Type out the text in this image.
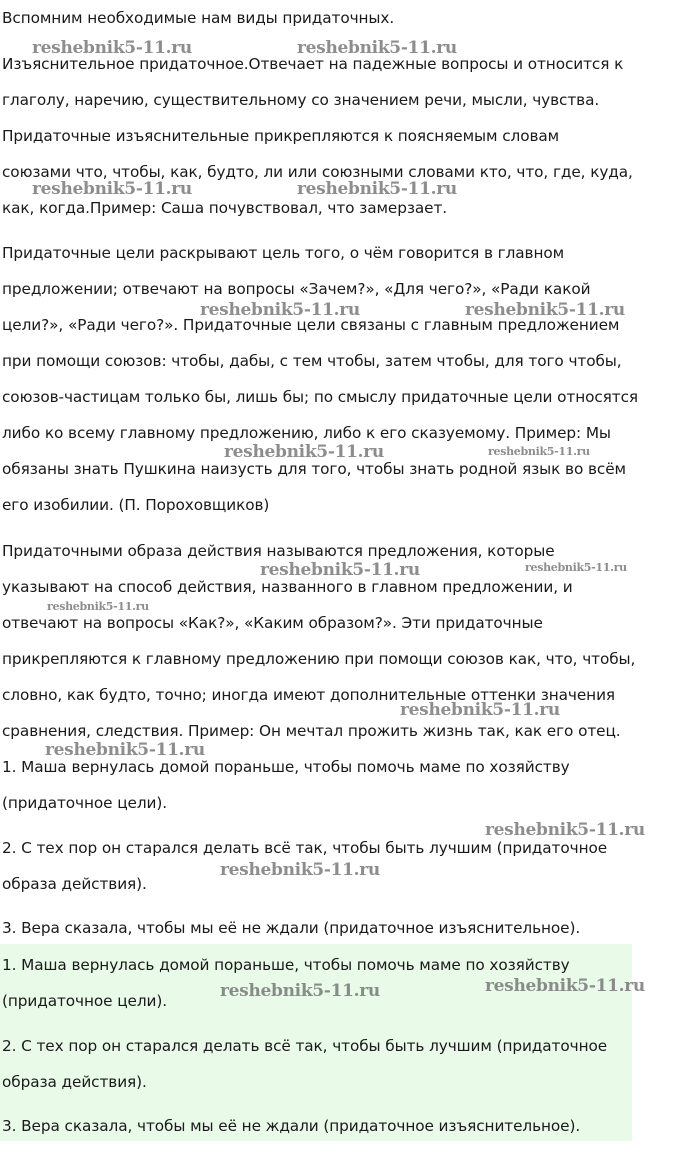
Вспомним необходимые нам виды придаточных.
Изъяснительное придаточное.Отвечает на падежные вопросы и относится к
глаголу, наречию, существительному со значением речи, мысли, чувства.
Придаточные изъяснительные прикрепляются к поясняемым словам
союзами что, чтобы, как, будто, ли или союзными словами кто, что, где, куда,
как, когда.Пример: Саша почувствовал, что замерзает.
Придаточные цели раскрывают цель того, о чём говорится в главном
предложении; отвечают на вопросы «Зачем?», «Для чего?», «Ради какой
цели?», «Ради чего?». Придаточные цели связаны с главным предложением
при помощи союзов: чтобы, дабы, с тем чтобы, затем чтобы, для того чтобы,
союзов-частицам только бы, лишь бы; по смыслу придаточные цели относятся
либо ко всему главному предложению, либо к его сказуемому. Пример: Мы
обязаны знать Пушкина наизусть для того, чтобы знать родной язык во всём
его изобилии. (П. Пороховщиков)
Придаточными образа действия называются предложения, которые
указывают на способ действия, названного в главном предложении, и
отвечают на вопросы «Как?», «Каким образом?». Эти придаточные
прикрепляются к главному предложению при помощи союзов как, что, чтобы,
словно, как будто, точно; иногда имеют дополнительные оттенки значения
сравнения, следствия. Пример: Он мечтал прожить жизнь так, как его отец.
1. Маша вернулась домой пораньше, чтобы помочь маме по хозяйству
(придаточное цели).
2. С тех пор он старался делать всё так, чтобы быть лучшим (придаточное
образа действия).
3. Вера сказала, чтобы мы её не ждали (придаточное изъяснительное).
1. Маша вернулась домой пораньше, чтобы помочь маме по хозяйству
(придаточное цели).
2. С тех пор он старался делать всё так, чтобы быть лучшим (придаточное
образа действия).
3. Вера сказала, чтобы мы её не ждали (придаточное изъяснительное).
reshebnik5-11.ru	reshebnik5-11.ru
reshebnik5-11.ru	reshebnik5-11.ru
reshebnik5-11.ru	reshebnik5-11.ru
reshebnik5-11.ru	reshebnik5-11.ru
reshebnik5-11.ru	reshebnik5-11.ru
reshebnik5-11.ru
reshebnik5-11.ru
reshebnik5-11.ru
reshebnik5-11.ru
reshebnik5-11.ru
reshebnik5-11.ru	reshebnik5-11.ru
